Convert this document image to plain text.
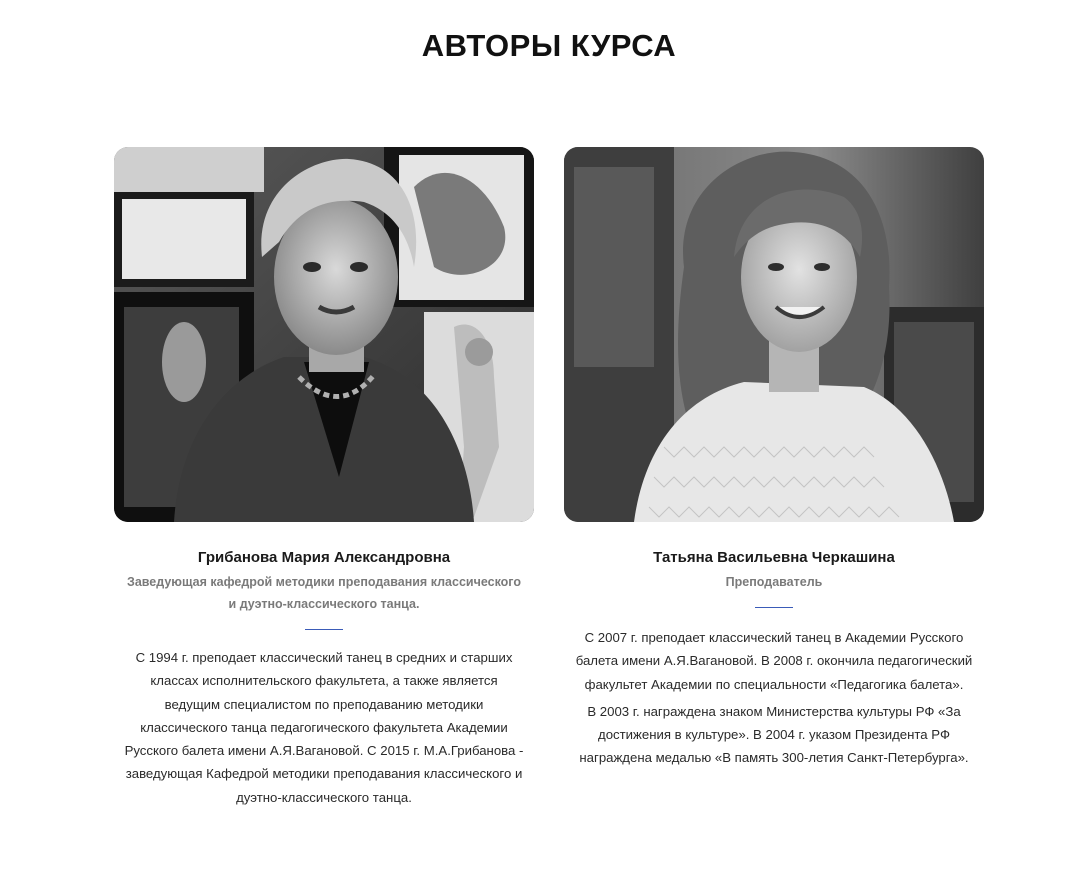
АВТОРЫ КУРСА
Грибанова Мария Александровна
Заведующая кафедрой методики преподавания классического и дуэтно-классического танца.

С 1994 г. преподает классический танец в средних и старших классах исполнительского факультета, а также является ведущим специалистом по преподаванию методики классического танца педагогического факультета Академии Русского балета имени А.Я.Вагановой. С 2015 г. М.А.Грибанова - заведующая Кафедрой методики преподавания классического и дуэтно-классического танца.

Татьяна Васильевна Черкашина
Преподаватель

С 2007 г. преподает классический танец в Академии Русского балета имени А.Я.Вагановой. В 2008 г. окончила педагогический факультет Академии по специальности «Педагогика балета».

В 2003 г. награждена знаком Министерства культуры РФ «За достижения в культуре». В 2004 г. указом Президента РФ награждена медалью «В память 300-летия Санкт-Петербурга».
